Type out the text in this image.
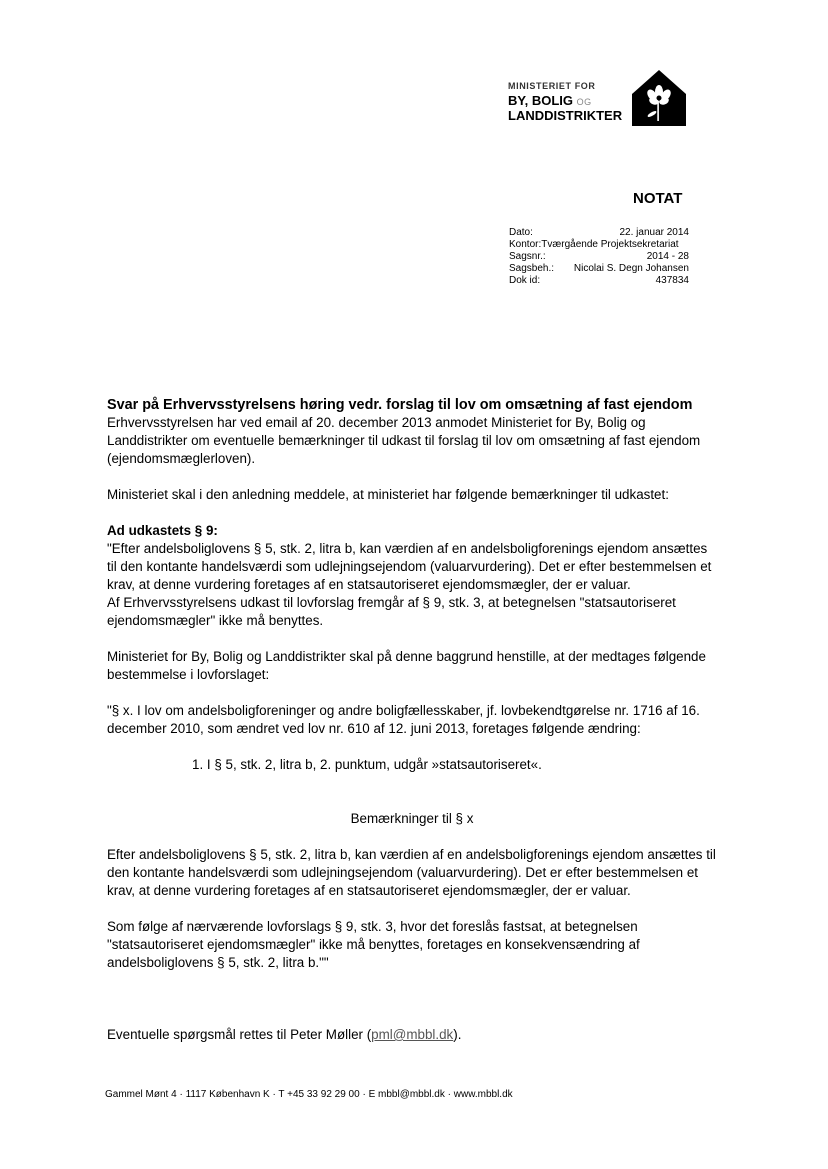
MINISTERIET FOR
BY, BOLIG OG
LANDDISTRIKTER
NOTAT
Dato:	22. januar 2014
Kontor: Tværgående Projektsekretariat
Sagsnr.:	2014 - 28
Sagsbeh.: Nicolai S. Degn Johansen
Dok id:	437834
Svar på Erhvervsstyrelsens høring vedr. forslag til lov om omsætning af fast ejendom

Erhvervsstyrelsen har ved email af 20. december 2013 anmodet Ministeriet for By, Bolig og Landdistrikter om eventuelle bemærkninger til udkast til forslag til lov om omsætning af fast ejendom (ejendomsmæglerloven).

Ministeriet skal i den anledning meddele, at ministeriet har følgende bemærkninger til udkastet:

Ad udkastets § 9:

"Efter andelsboliglovens § 5, stk. 2, litra b, kan værdien af en andelsboligforenings ejendom ansættes til den kontante handelsværdi som udlejningsejendom (valuarvurdering). Det er efter bestemmelsen et krav, at denne vurdering foretages af en statsautoriseret ejendomsmægler, der er valuar.

Af Erhvervsstyrelsens udkast til lovforslag fremgår af § 9, stk. 3, at betegnelsen "statsautoriseret ejendomsmægler" ikke må benyttes.

Ministeriet for By, Bolig og Landdistrikter skal på denne baggrund henstille, at der medtages følgende bestemmelse i lovforslaget:

"§ x. I lov om andelsboligforeninger og andre boligfællesskaber, jf. lovbekendtgørelse nr. 1716 af 16. december 2010, som ændret ved lov nr. 610 af 12. juni 2013, foretages følgende ændring:

1. I § 5, stk. 2, litra b, 2. punktum, udgår »statsautoriseret«.

Bemærkninger til § x

Efter andelsboliglovens § 5, stk. 2, litra b, kan værdien af en andelsboligforenings ejendom ansættes til den kontante handelsværdi som udlejningsejendom (valuarvurdering). Det er efter bestemmelsen et krav, at denne vurdering foretages af en statsautoriseret ejendomsmægler, der er valuar.

Som følge af nærværende lovforslags § 9, stk. 3, hvor det foreslås fastsat, at betegnelsen "statsautoriseret ejendomsmægler" ikke må benyttes, foretages en konsekvensændring af andelsboliglovens § 5, stk. 2, litra b.""

Eventuelle spørgsmål rettes til Peter Møller (pml@mbbl.dk).

Gammel Mønt 4 · 1117 København K · T +45 33 92 29 00 · E mbbl@mbbl.dk · www.mbbl.dk
